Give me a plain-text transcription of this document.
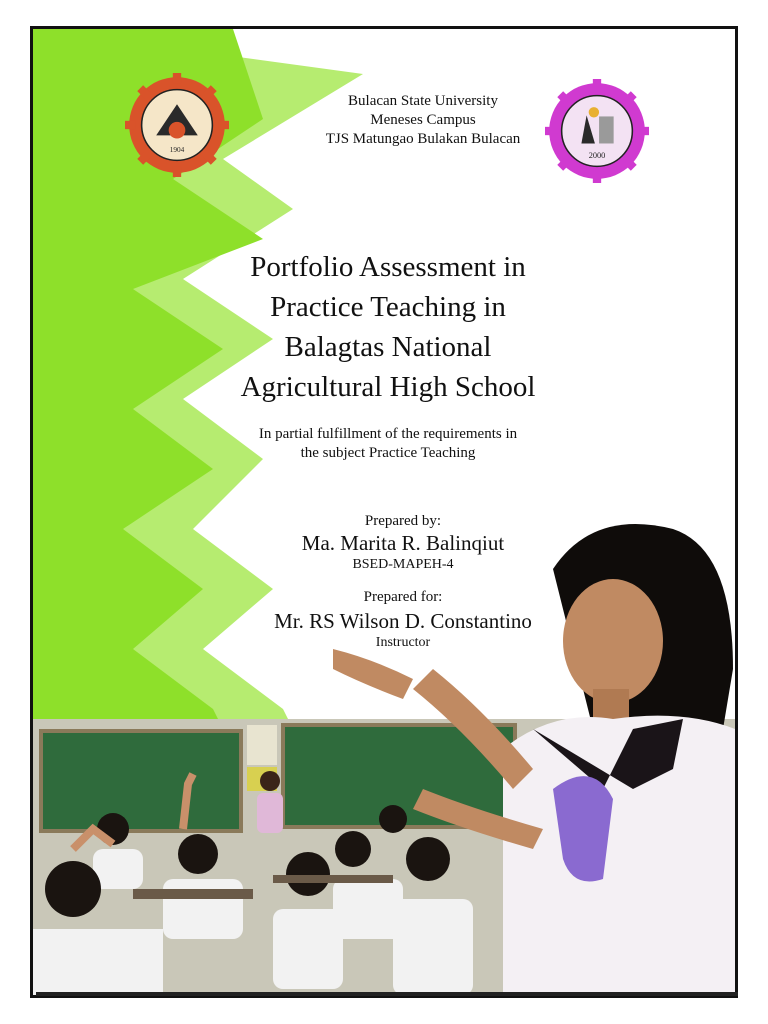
1904
2000
Bulacan State University
Meneses Campus
TJS Matungao Bulakan Bulacan
Portfolio Assessment in
Practice Teaching in
Balagtas National
Agricultural High School
In partial fulfillment of the requirements in
the subject Practice Teaching
Prepared by:
Ma. Marita R. Balinqiut
BSED-MAPEH-4
Prepared for:
Mr. RS Wilson D. Constantino
Instructor
